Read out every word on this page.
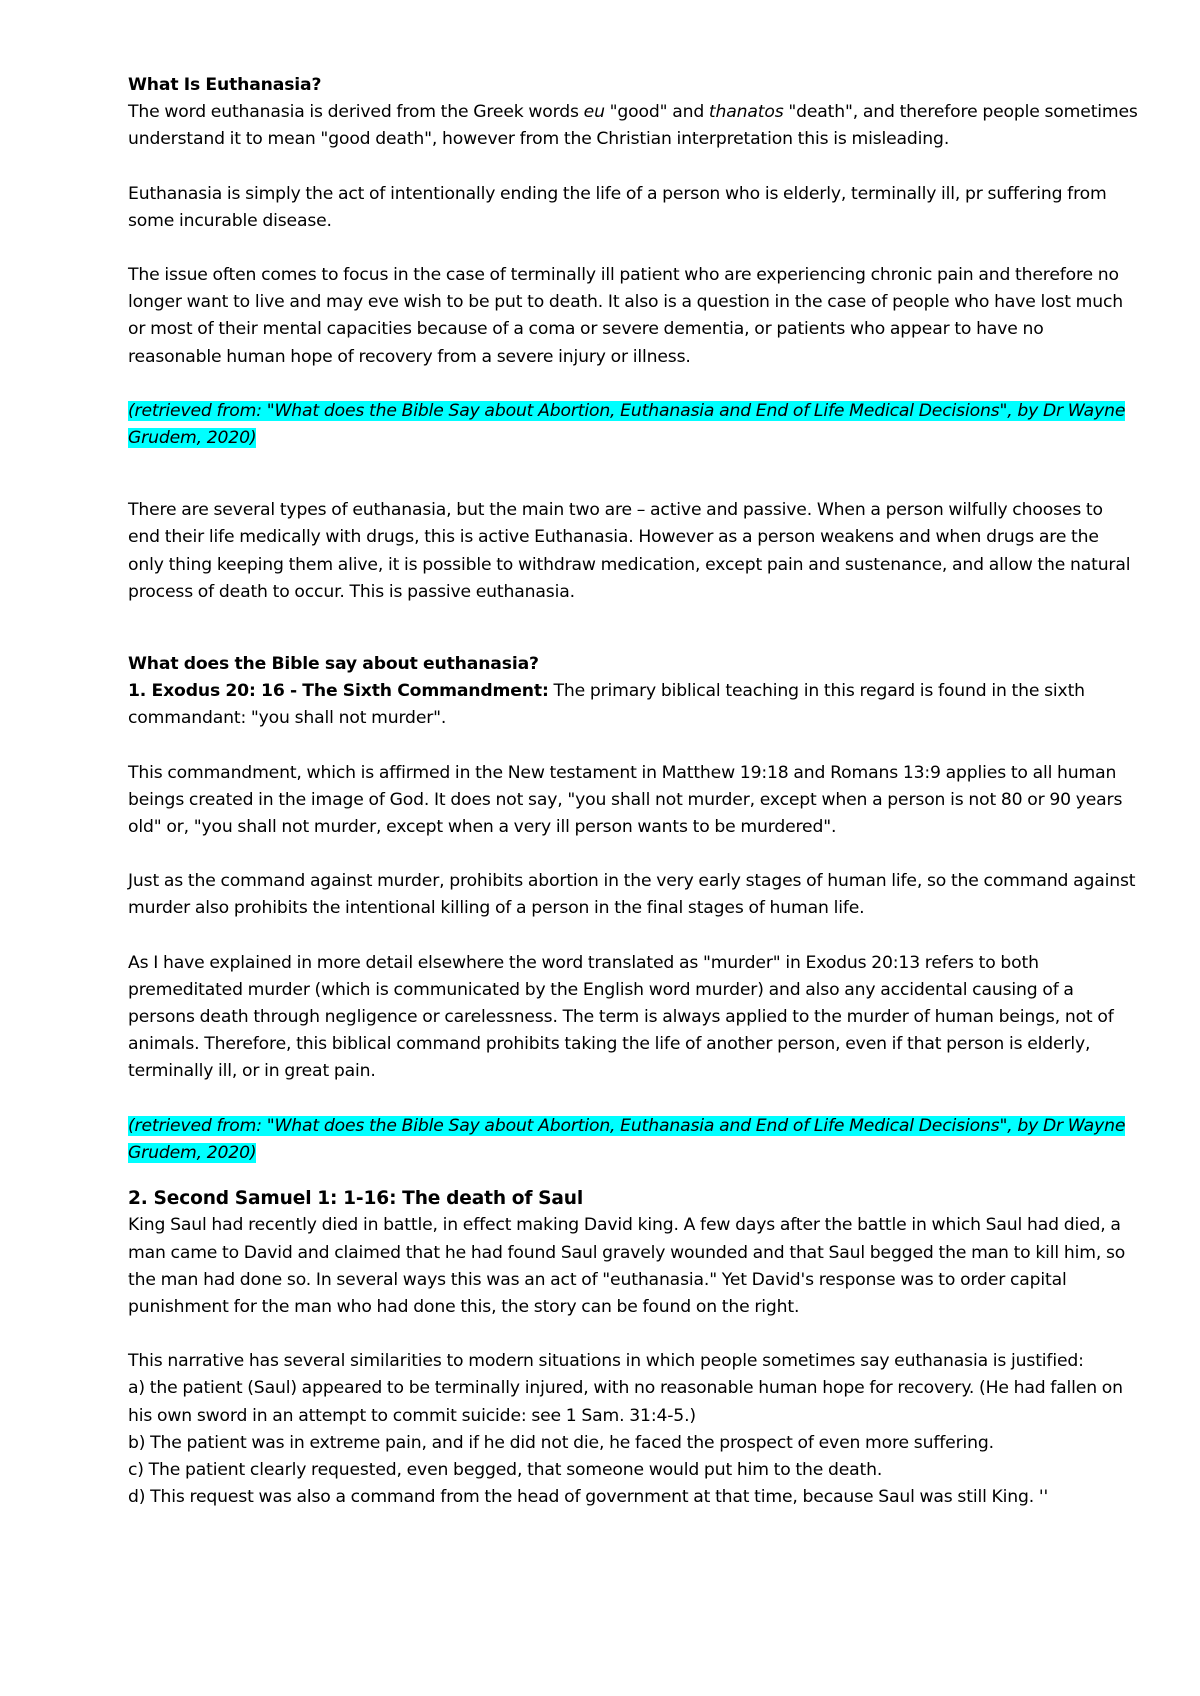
What Is Euthanasia?

The word euthanasia is derived from the Greek words eu "good" and thanatos "death", and therefore people sometimes understand it to mean "good death", however from the Christian interpretation this is misleading.

Euthanasia is simply the act of intentionally ending the life of a person who is elderly, terminally ill, pr suffering from some incurable disease.

The issue often comes to focus in the case of terminally ill patient who are experiencing chronic pain and therefore no longer want to live and may eve wish to be put to death. It also is a question in the case of people who have lost much or most of their mental capacities because of a coma or severe dementia, or patients who appear to have no reasonable human hope of recovery from a severe injury or illness.

(retrieved from: "What does the Bible Say about Abortion, Euthanasia and End of Life Medical Decisions", by Dr Wayne Grudem, 2020)

There are several types of euthanasia, but the main two are – active and passive. When a person wilfully chooses to end their life medically with drugs, this is active Euthanasia. However as a person weakens and when drugs are the only thing keeping them alive, it is possible to withdraw medication, except pain and sustenance, and allow the natural process of death to occur. This is passive euthanasia.

What does the Bible say about euthanasia?

1. Exodus 20: 16 - The Sixth Commandment: The primary biblical teaching in this regard is found in the sixth commandant: "you shall not murder".

This commandment, which is affirmed in the New testament in Matthew 19:18 and Romans 13:9 applies to all human beings created in the image of God. It does not say, "you shall not murder, except when a person is not 80 or 90 years old" or, "you shall not murder, except when a very ill person wants to be murdered".

Just as the command against murder, prohibits abortion in the very early stages of human life, so the command against murder also prohibits the intentional killing of a person in the final stages of human life.

As I have explained in more detail elsewhere the word translated as "murder" in Exodus 20:13 refers to both premeditated murder (which is communicated by the English word murder) and also any accidental causing of a persons death through negligence or carelessness. The term is always applied to the murder of human beings, not of animals. Therefore, this biblical command prohibits taking the life of another person, even if that person is elderly, terminally ill, or in great pain.

(retrieved from: "What does the Bible Say about Abortion, Euthanasia and End of Life Medical Decisions", by Dr Wayne Grudem, 2020)

2. Second Samuel 1: 1-16: The death of Saul

King Saul had recently died in battle, in effect making David king. A few days after the battle in which Saul had died, a man came to David and claimed that he had found Saul gravely wounded and that Saul begged the man to kill him, so the man had done so. In several ways this was an act of "euthanasia." Yet David's response was to order capital punishment for the man who had done this, the story can be found on the right.

This narrative has several similarities to modern situations in which people sometimes say euthanasia is justified:

a) the patient (Saul) appeared to be terminally injured, with no reasonable human hope for recovery. (He had fallen on his own sword in an attempt to commit suicide: see 1 Sam. 31:4-5.)

b) The patient was in extreme pain, and if he did not die, he faced the prospect of even more suffering.

c) The patient clearly requested, even begged, that someone would put him to the death.

d) This request was also a command from the head of government at that time, because Saul was still King. ''
